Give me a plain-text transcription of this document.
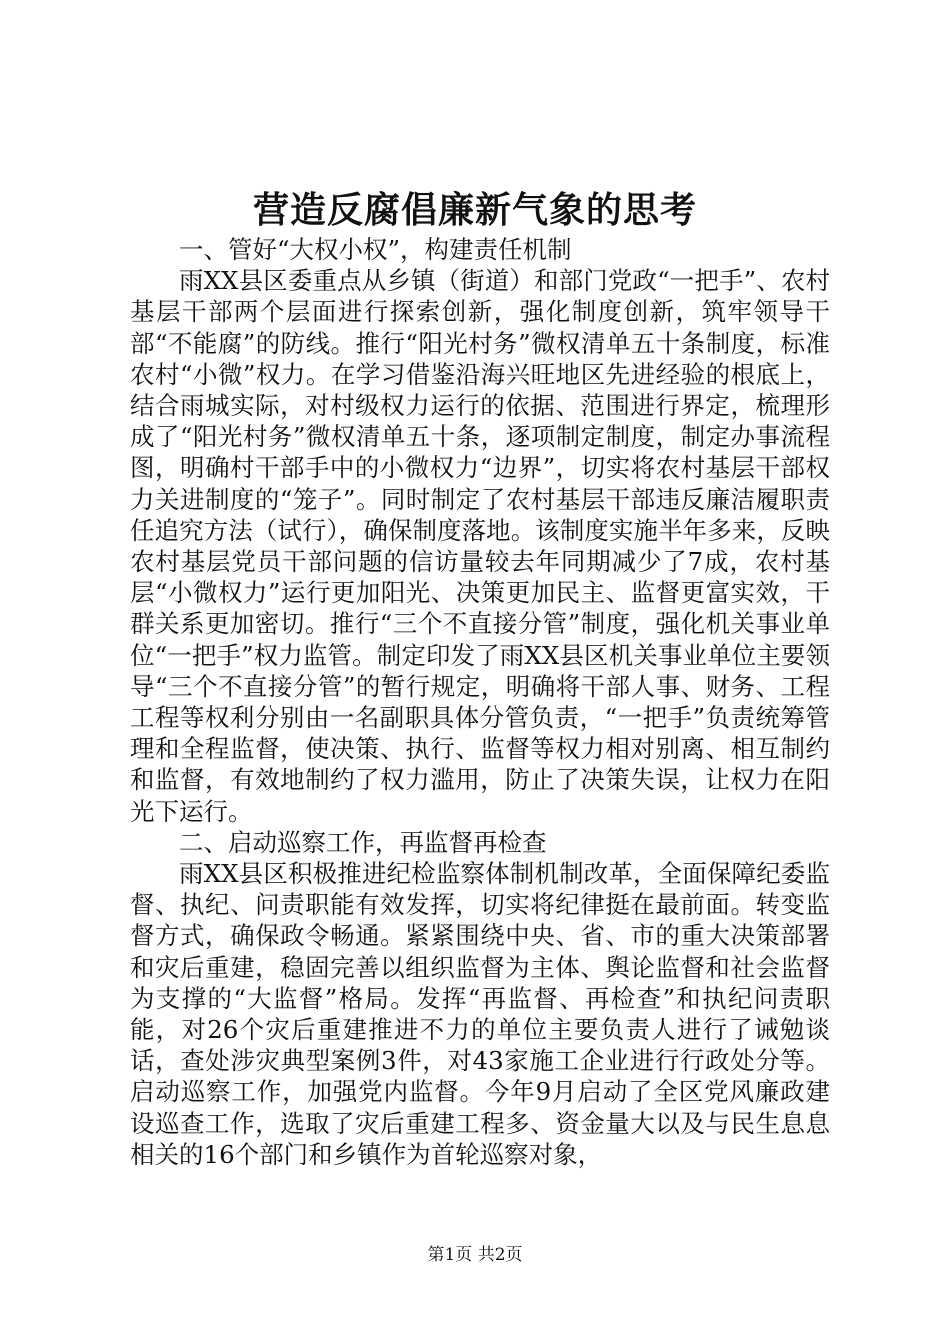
营造反腐倡廉新气象的思考

一、管好“大权小权”，构建责任机制

雨XX县区委重点从乡镇（街道）和部门党政“一把手”、农村基层干部两个层面进行探索创新，强化制度创新，筑牢领导干部“不能腐”的防线。推行“阳光村务”微权清单五十条制度，标准农村“小微”权力。在学习借鉴沿海兴旺地区先进经验的根底上，结合雨城实际，对村级权力运行的依据、范围进行界定，梳理形成了“阳光村务”微权清单五十条，逐项制定制度，制定办事流程图，明确村干部手中的小微权力“边界”，切实将农村基层干部权力关进制度的“笼子”。同时制定了农村基层干部违反廉洁履职责任追究方法（试行），确保制度落地。该制度实施半年多来，反映农村基层党员干部问题的信访量较去年同期减少了7成，农村基层“小微权力”运行更加阳光、决策更加民主、监督更富实效，干群关系更加密切。推行“三个不直接分管”制度，强化机关事业单位“一把手”权力监管。制定印发了雨XX县区机关事业单位主要领导“三个不直接分管”的暂行规定，明确将干部人事、财务、工程工程等权利分别由一名副职具体分管负责，“一把手”负责统筹管理和全程监督，使决策、执行、监督等权力相对别离、相互制约和监督，有效地制约了权力滥用，防止了决策失误，让权力在阳光下运行。

二、启动巡察工作，再监督再检查

雨XX县区积极推进纪检监察体制机制改革，全面保障纪委监督、执纪、问责职能有效发挥，切实将纪律挺在最前面。转变监督方式，确保政令畅通。紧紧围绕中央、省、市的重大决策部署和灾后重建，稳固完善以组织监督为主体、舆论监督和社会监督为支撑的“大监督”格局。发挥“再监督、再检查”和执纪问责职能，对26个灾后重建推进不力的单位主要负责人进行了诫勉谈话，查处涉灾典型案例3件，对43家施工企业进行行政处分等。启动巡察工作，加强党内监督。今年9月启动了全区党风廉政建设巡查工作，选取了灾后重建工程多、资金量大以及与民生息息相关的16个部门和乡镇作为首轮巡察对象，

第1页 共2页
